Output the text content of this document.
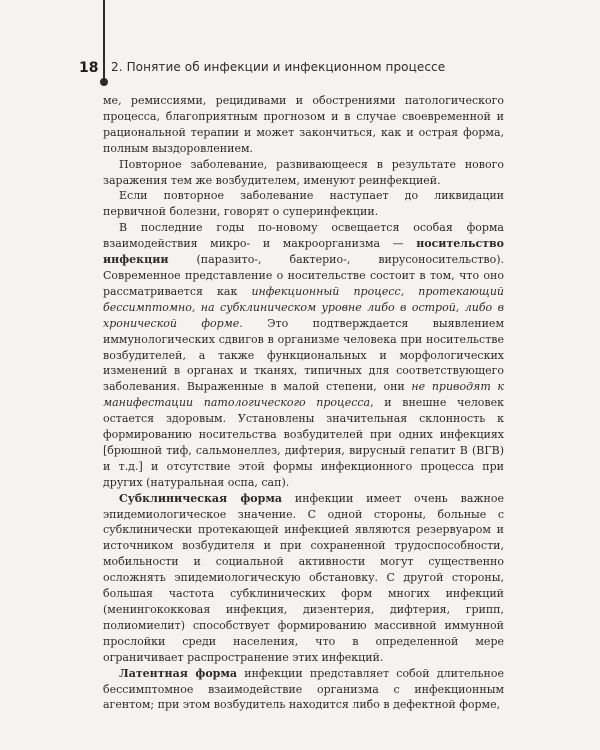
18 2. Понятие об инфекции и инфекционном процессе

ме, ремиссиями, рецидивами и обострениями патологического процесса, благоприятным прогнозом и в случае своевременной и рациональной терапии и может закончиться, как и острая форма, полным выздоровлением.

Повторное заболевание, развивающееся в результате нового заражения тем же возбудителем, именуют реинфекцией.

Если повторное заболевание наступает до ликвидации первичной болезни, говорят о суперинфекции.

В последние годы по-новому освещается особая форма взаимодействия микро- и макроорганизма — носительство инфекции	(паразито-, бактерио-, вирусоносительство). Современное представление о носительстве состоит в том, что оно рассматривается как инфекционный процесс, протекающий бессимптомно, на субклиническом уровне либо в острой, либо в хронической форме. Это подтверждается выявлением иммунологических сдвигов в организме человека при носительстве возбудителей, а также функциональных и морфологических изменений в органах и тканях, типичных для соответствующего заболевания. Выраженные в малой степени, они не приводят к манифестации патологического процесса, и внешне человек остается здоровым. Установлены значительная склонность к формированию носительства возбудителей при одних инфекциях [брюшной тиф, сальмонеллез, дифтерия, вирусный гепатит В (ВГВ) и т.д.] и отсутствие этой формы инфекционного процесса при других (натуральная оспа, сап).

Субклиническая форма инфекции имеет очень важное эпидемиологическое значение. С одной стороны, больные с субклинически протекающей инфекцией являются резервуаром и источником возбудителя и при сохраненной трудоспособности, мобильности и социальной активности могут существенно осложнять эпидемиологическую обстановку. С другой стороны, большая частота субклинических форм многих инфекций (менингококковая инфекция, дизентерия, дифтерия, грипп, полиомиелит) способствует формированию массивной иммунной прослойки среди населения, что в определенной мере ограничивает распространение этих инфекций.

Латентная форма инфекции представляет собой длительное бессимптомное взаимодействие организма с инфекционным агентом; при этом возбудитель находится либо в дефектной форме,
